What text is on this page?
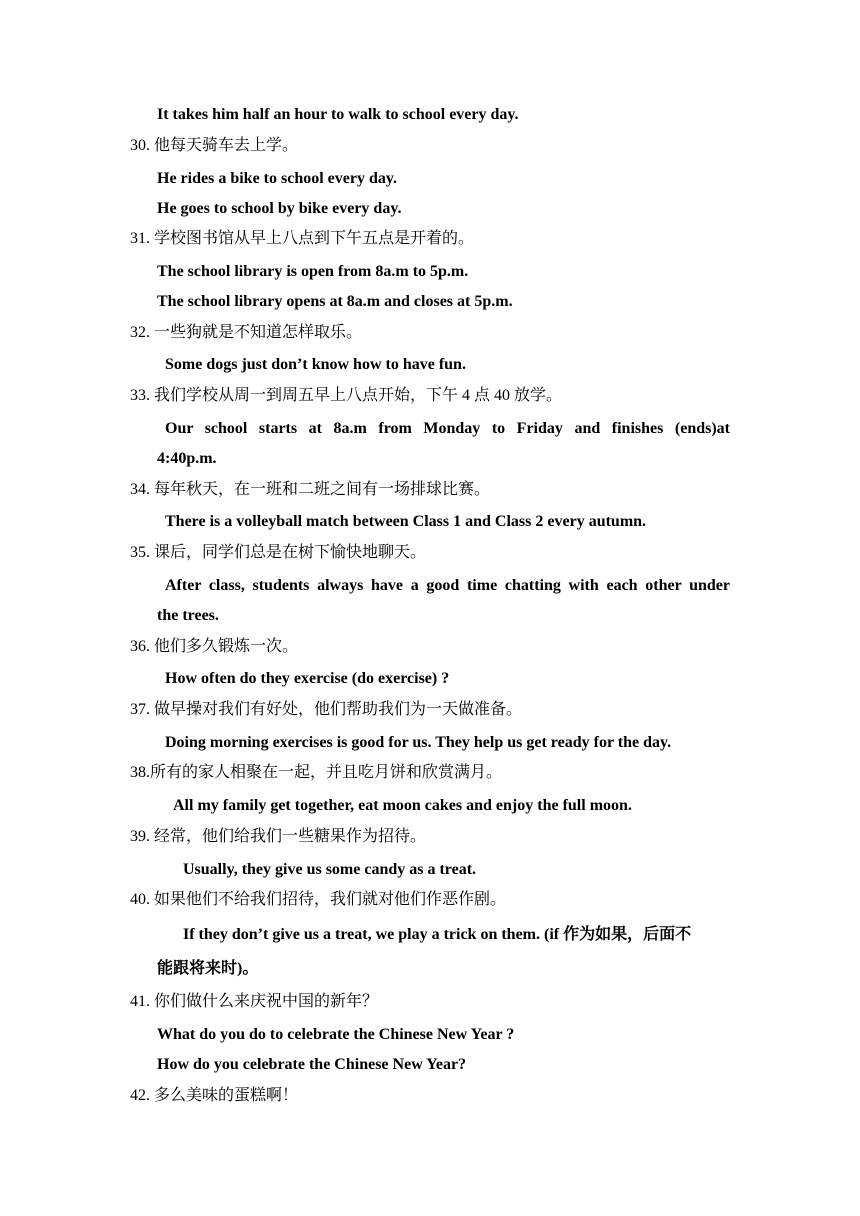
It takes him half an hour to walk to school every day.
30. 他每天骑车去上学。
He rides a bike to school every day.
He goes to school by bike every day.
31. 学校图书馆从早上八点到下午五点是开着的。
The school library is open from 8a.m to 5p.m.
The school library opens at 8a.m and closes at 5p.m.
32. 一些狗就是不知道怎样取乐。
Some dogs just don’t know how to have fun.
33. 我们学校从周一到周五早上八点开始，下午 4 点 40 放学。
Our school starts at 8a.m from Monday to Friday and finishes (ends)at
4:40p.m.
34. 每年秋天，在一班和二班之间有一场排球比赛。
There is a volleyball match between Class 1 and Class 2 every autumn.
35. 课后，同学们总是在树下愉快地聊天。
After class, students always have a good time chatting with each other under
the trees.
36. 他们多久锻炼一次。
How often do they exercise (do exercise) ?
37. 做早操对我们有好处，他们帮助我们为一天做准备。
Doing morning exercises is good for us. They help us get ready for the day.
38.所有的家人相聚在一起，并且吃月饼和欣赏满月。
All my family get together, eat moon cakes and enjoy the full moon.
39. 经常，他们给我们一些糖果作为招待。
Usually, they give us some candy as a treat.
40. 如果他们不给我们招待，我们就对他们作恶作剧。
If they don’t give us a treat, we play a trick on them. (if 作为如果，后面不
能跟将来时)。
41. 你们做什么来庆祝中国的新年？
What do you do to celebrate the Chinese New Year ?
How do you celebrate the Chinese New Year?
42. 多么美味的蛋糕啊！
